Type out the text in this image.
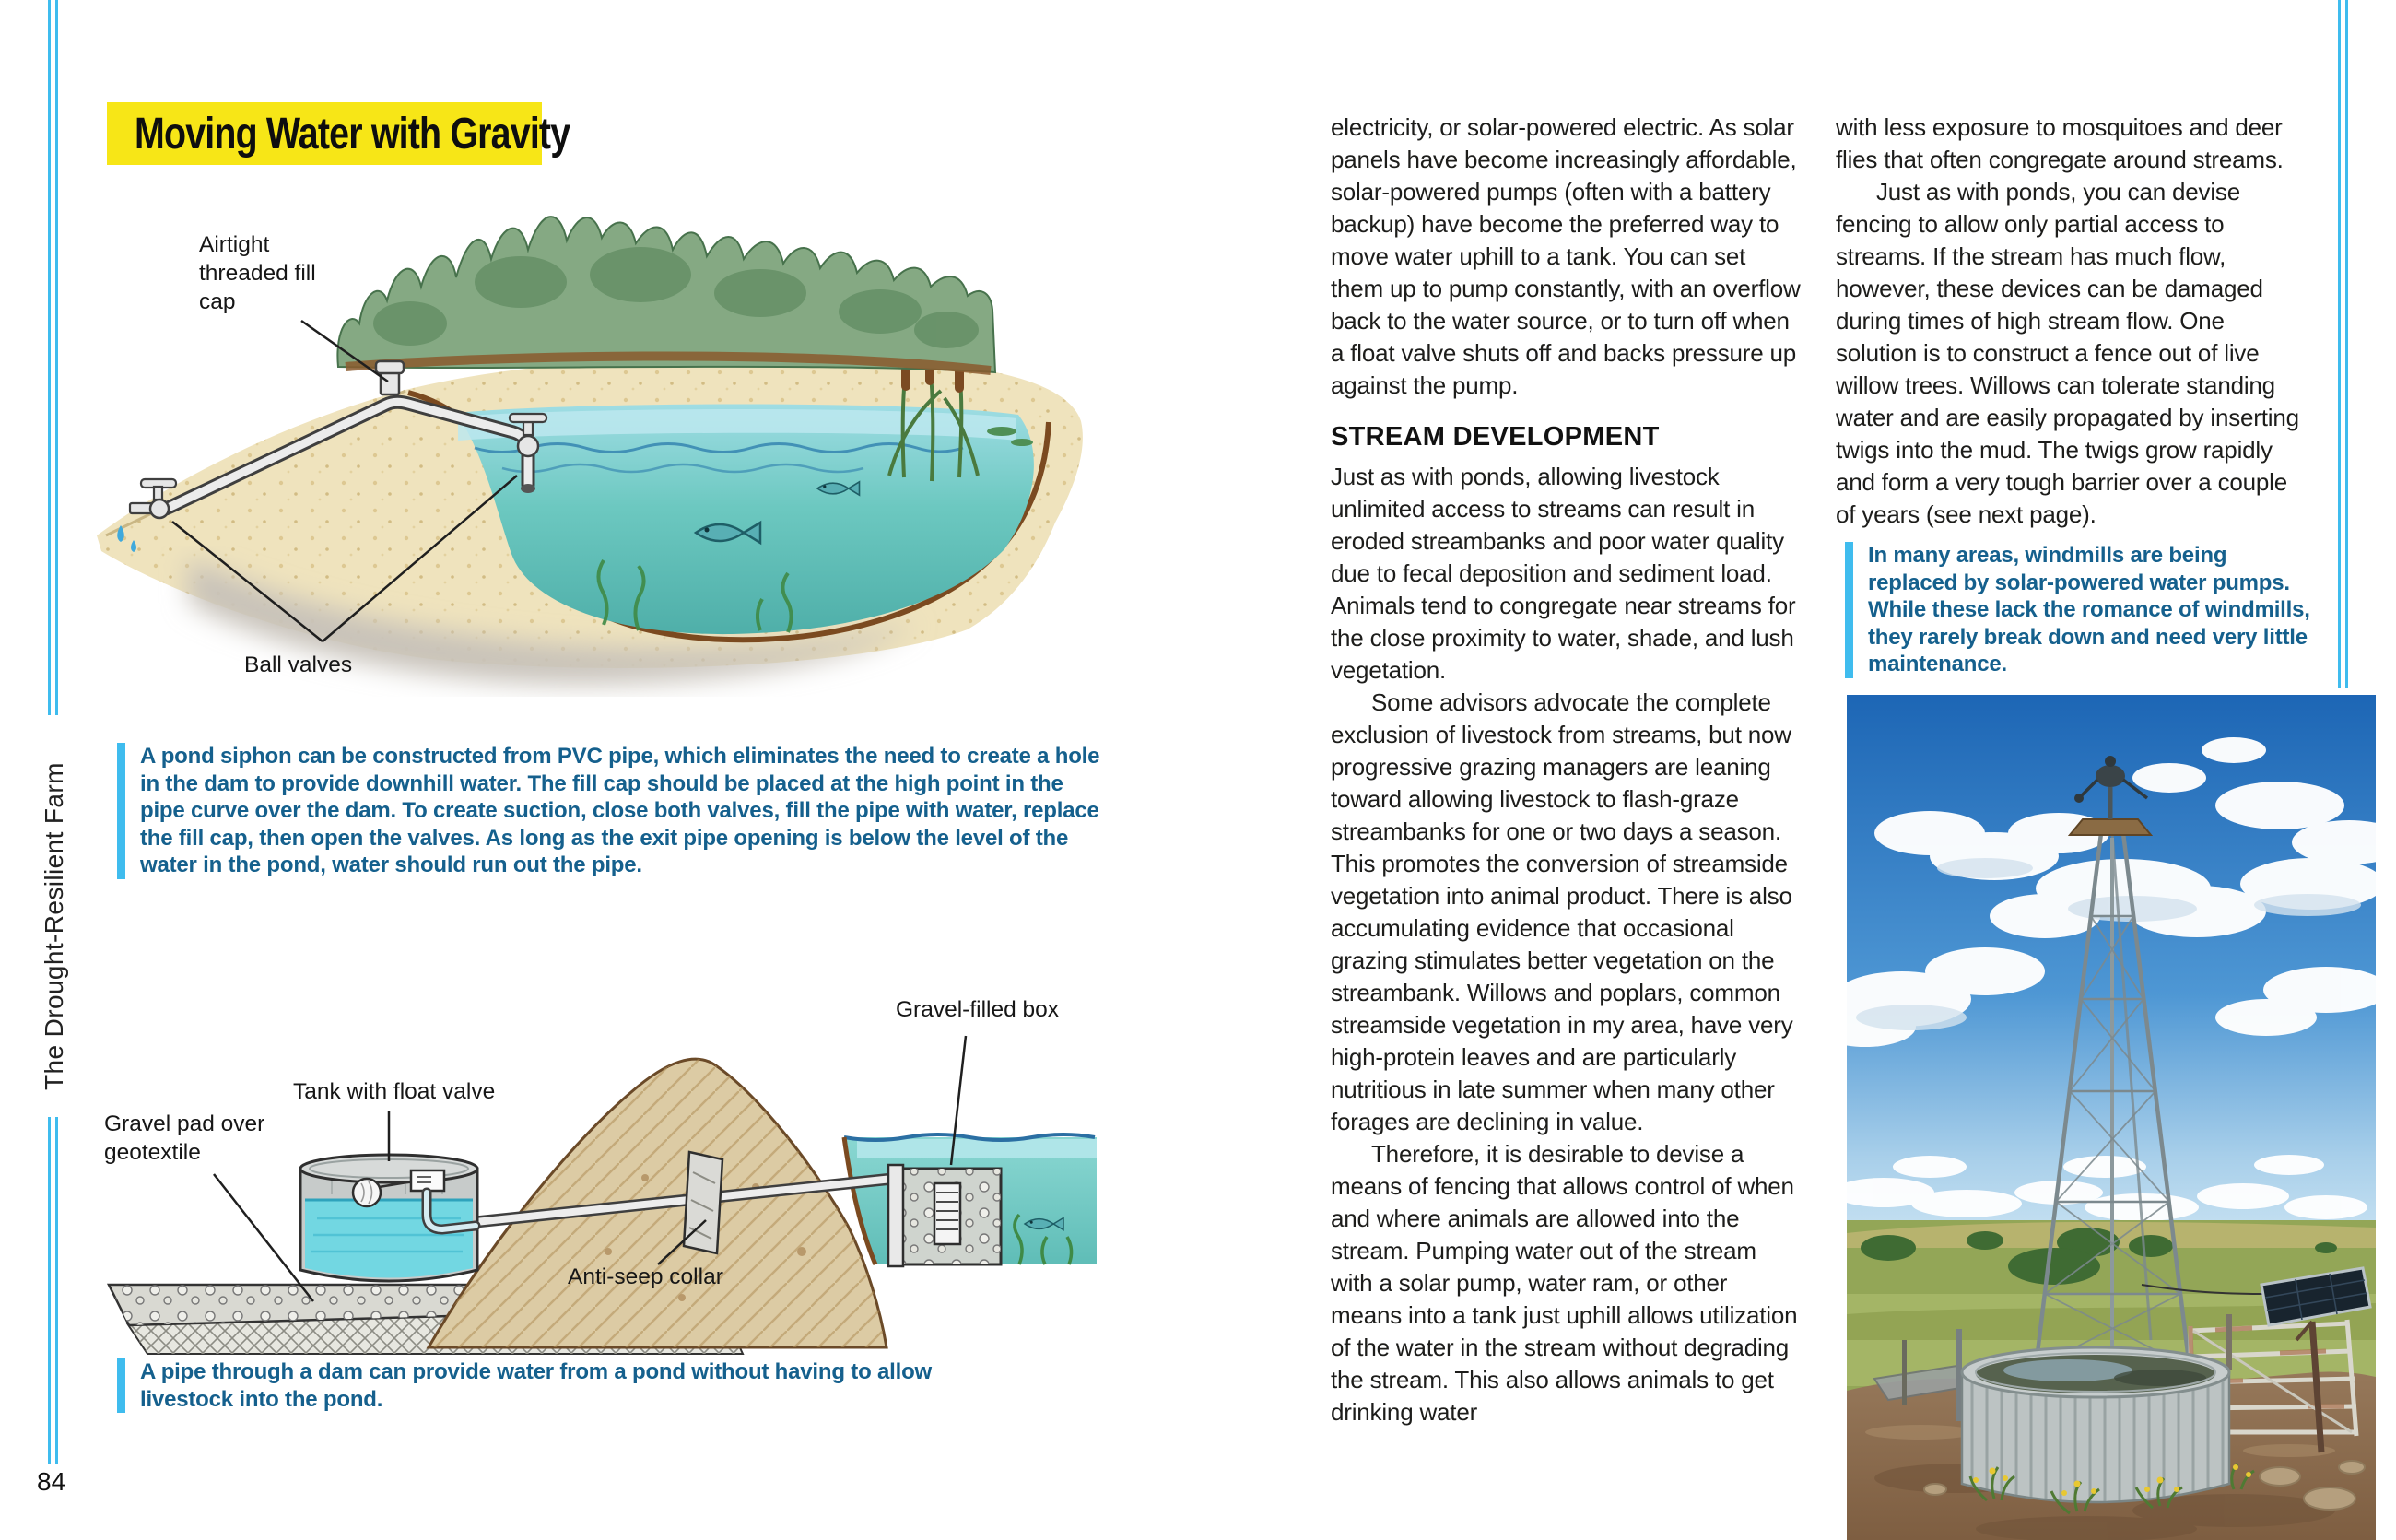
The Drought-Resilient Farm
84
Moving Water with Gravity
Airtight threaded fill cap
Ball valves
A pond siphon can be constructed from PVC pipe, which eliminates the need to create a hole in the dam to provide downhill water. The fill cap should be placed at the high point in the pipe curve over the dam. To create suction, close both valves, fill the pipe with water, replace the fill cap, then open the valves. As long as the exit pipe opening is below the level of the water in the pond, water should run out the pipe.
Gravel-filled box
Tank with float valve
Gravel pad over geotextile
Anti-seep collar
A pipe through a dam can provide water from a pond without having to allow livestock into the pond.

electricity, or solar-powered electric. As solar panels have become increasingly affordable, solar-powered pumps (often with a battery backup) have become the preferred way to move water uphill to a tank. You can set them up to pump constantly, with an overflow back to the water source, or to turn off when a float valve shuts off and backs pressure up against the pump.

STREAM DEVELOPMENT

Just as with ponds, allowing livestock unlimited access to streams can result in eroded streambanks and poor water quality due to fecal deposition and sediment load. Animals tend to congregate near streams for the close proximity to water, shade, and lush vegetation.

Some advisors advocate the complete exclusion of livestock from streams, but now progressive grazing managers are leaning toward allowing livestock to flash-graze streambanks for one or two days a season. This promotes the conversion of streamside vegetation into animal product. There is also accumulating evidence that occasional grazing stimulates better vegetation on the streambank. Willows and poplars, common streamside vegetation in my area, have very high-protein leaves and are particularly nutritious in late summer when many other forages are declining in value.

Therefore, it is desirable to devise a means of fencing that allows control of when and where animals are allowed into the stream. Pumping water out of the stream with a solar pump, water ram, or other means into a tank just uphill allows utilization of the water in the stream without degrading the stream. This also allows animals to get drinking water

with less exposure to mosquitoes and deer flies that often congregate around streams.

Just as with ponds, you can devise fencing to allow only partial access to streams. If the stream has much flow, however, these devices can be damaged during times of high stream flow. One solution is to construct a fence out of live willow trees. Willows can tolerate standing water and are easily propagated by inserting twigs into the mud. The twigs grow rapidly and form a very tough barrier over a couple of years (see next page).

In many areas, windmills are being replaced by solar-powered water pumps. While these lack the romance of windmills, they rarely break down and need very little maintenance.
